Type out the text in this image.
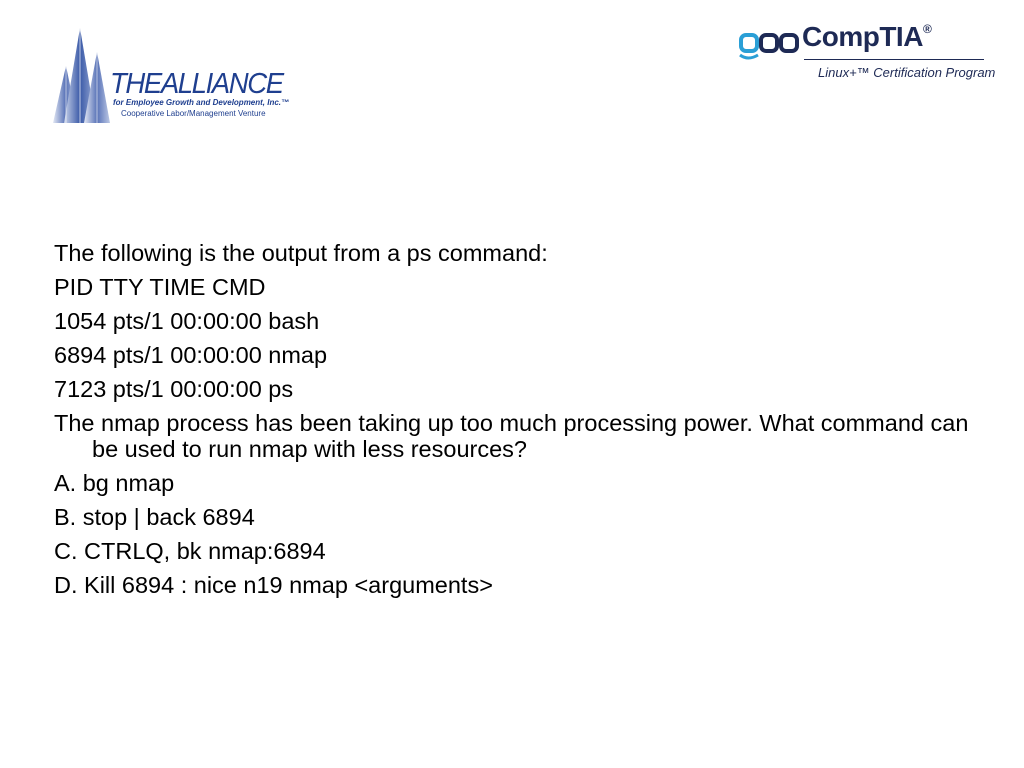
THEALLIANCE
for Employee Growth and Development, Inc.™
Cooperative Labor/Management Venture
CompTIA®
Linux+™ Certification Program
The following is the output from a ps command:
PID TTY TIME CMD
1054 pts/1 00:00:00 bash
6894 pts/1 00:00:00 nmap
7123 pts/1 00:00:00 ps
The nmap process has been taking up too much processing power. What command can be used to run nmap with less resources?
A. bg nmap
B. stop | back 6894
C. CTRLQ, bk nmap:6894
D. Kill 6894 : nice n19 nmap <arguments>
